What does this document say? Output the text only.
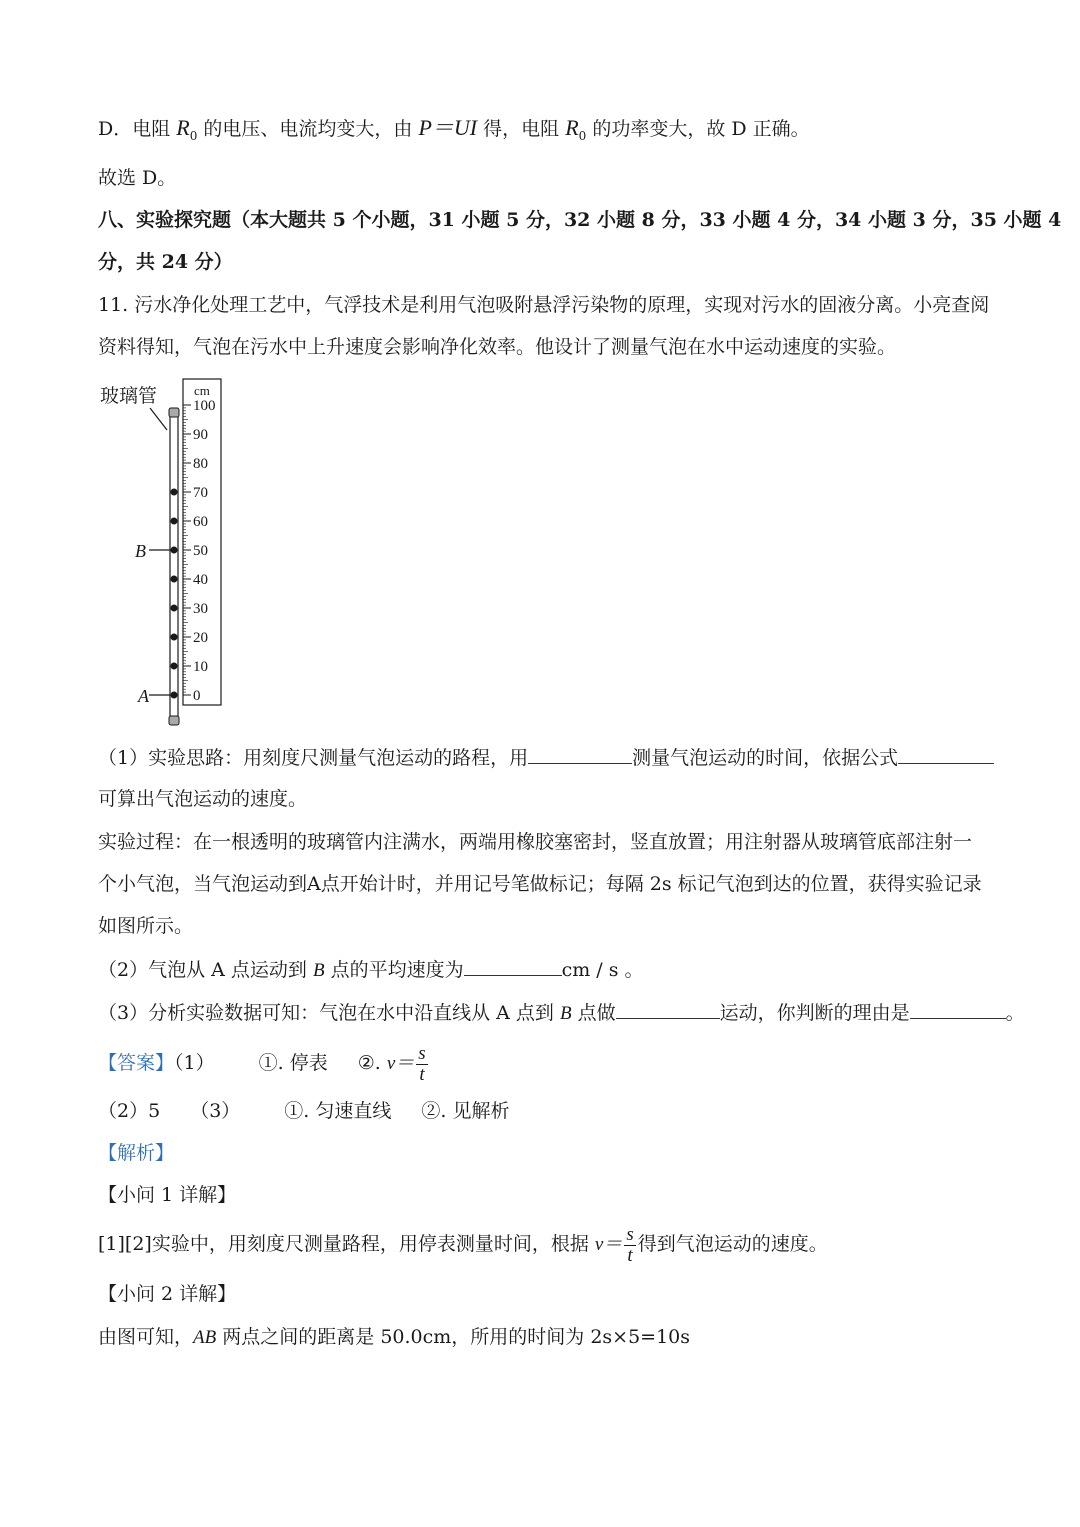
D．电阻 $R_0$ 的电压、电流均变大，由 P＝UI 得，电阻 $R_0$ 的功率变大，故 D 正确。
故选 D。
八、实验探究题（本大题共 5 个小题，31 小题 5 分，32 小题 8 分，33 小题 4 分，34 小题 3 分，35 小题 4
分，共 24 分）
11. 污水净化处理工艺中，气浮技术是利用气泡吸附悬浮污染物的原理，实现对污水的固液分离。小亮查阅
资料得知，气泡在污水中上升速度会影响净化效率。他设计了测量气泡在水中运动速度的实验。
玻璃管	cm
100
90
80
70
60
50
40
30
20
10
0
B
A
（1）实验思路：用刻度尺测量气泡运动的路程，用	测量气泡运动的时间，依据公式
可算出气泡运动的速度。
实验过程：在一根透明的玻璃管内注满水，两端用橡胶塞密封，竖直放置；用注射器从玻璃管底部注射一
个小气泡，当气泡运动到A点开始计时，并用记号笔做标记；每隔 2s 标记气泡到达的位置，获得实验记录
如图所示。
（2）气泡从 A 点运动到 B 点的平均速度为	cm / s 。
（3）分析实验数据可知：气泡在水中沿直线从 A 点到 B 点做	运动，你判断的理由是	。
【答案】（1） ①. 停表 ②. $v= \frac{s}{t}$
（2）5 （3） ①. 匀速直线 ②. 见解析
【解析】
【小问 1 详解】
[1][2]实验中，用刻度尺测量路程，用停表测量时间，根据 $v= \frac{s}{t}$ 得到气泡运动的速度。
【小问 2 详解】
由图可知，AB 两点之间的距离是 50.0cm，所用的时间为 2s×5=10s
